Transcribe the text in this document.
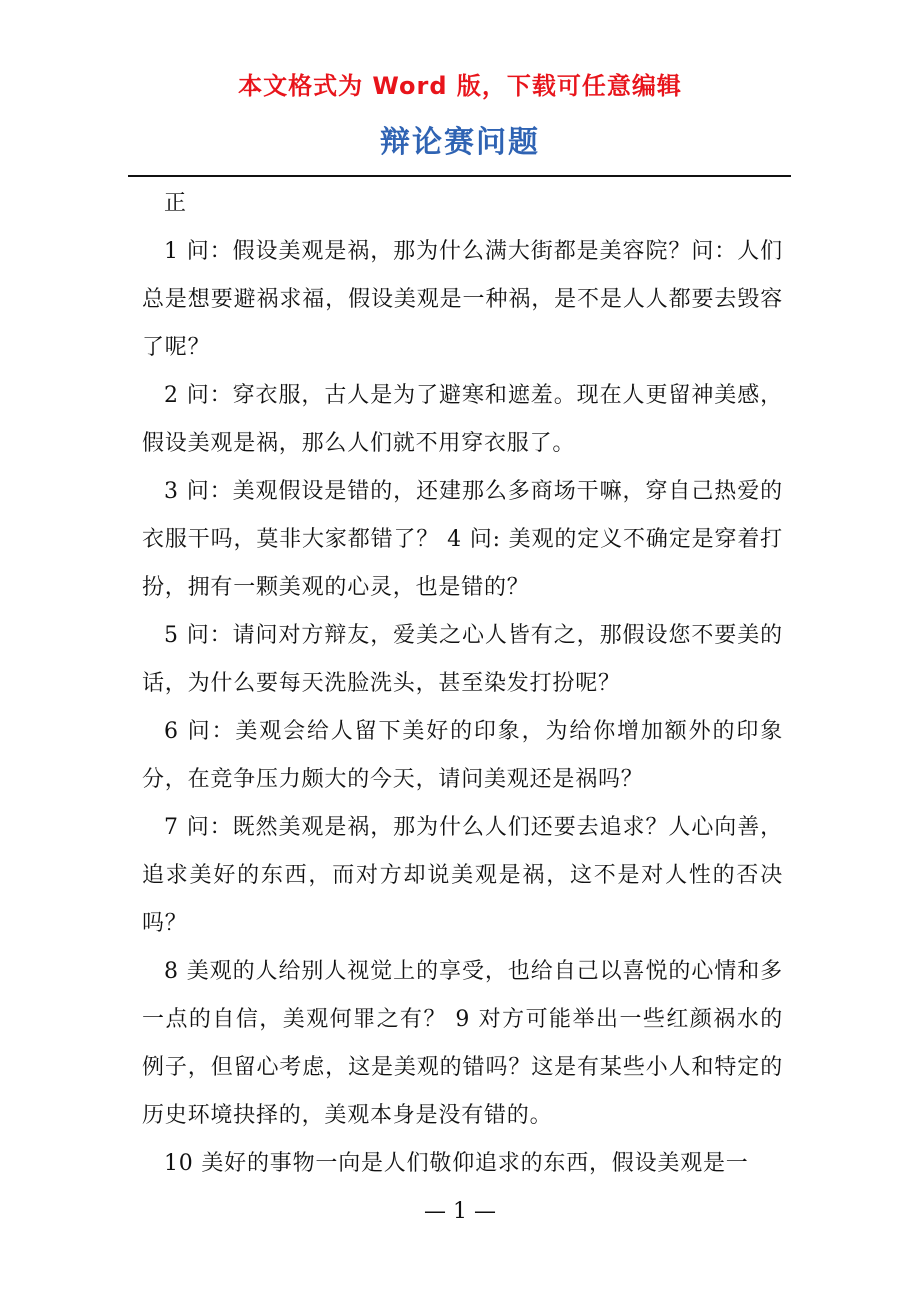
本文格式为 Word 版，下载可任意编辑
辩论赛问题

正

1 问：假设美观是祸，那为什么满大街都是美容院？问：人们总是想要避祸求福，假设美观是一种祸，是不是人人都要去毁容了呢？

2 问：穿衣服，古人是为了避寒和遮羞。现在人更留神美感，假设美观是祸，那么人们就不用穿衣服了。

3 问：美观假设是错的，还建那么多商场干嘛，穿自己热爱的衣服干吗，莫非大家都错了？ 4 问: 美观的定义不确定是穿着打扮，拥有一颗美观的心灵，也是错的？

5 问：请问对方辩友，爱美之心人皆有之，那假设您不要美的话，为什么要每天洗脸洗头，甚至染发打扮呢？

6 问：美观会给人留下美好的印象，为给你增加额外的印象分，在竞争压力颇大的今天，请问美观还是祸吗？

7 问：既然美观是祸，那为什么人们还要去追求？人心向善，追求美好的东西，而对方却说美观是祸，这不是对人性的否决吗？

8 美观的人给别人视觉上的享受，也给自己以喜悦的心情和多一点的自信，美观何罪之有？ 9 对方可能举出一些红颜祸水的例子，但留心考虑，这是美观的错吗？这是有某些小人和特定的历史环境抉择的，美观本身是没有错的。

10 美好的事物一向是人们敬仰追求的东西，假设美观是一

— 1 —
